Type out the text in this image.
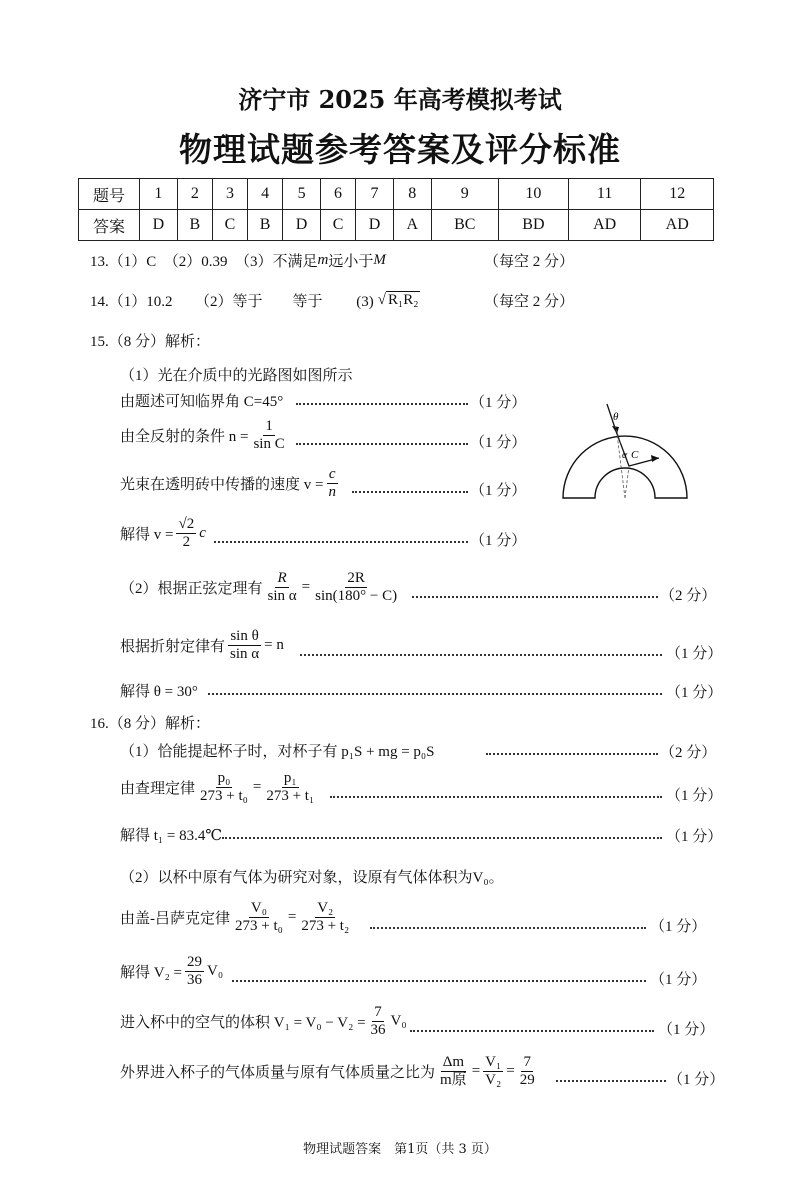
济宁市 2025 年高考模拟考试
物理试题参考答案及评分标准
题号	1	2	3	4	5	6	7	8	9	10	11	12
答案	D	B	C	B	D	C	D	A	BC	BD	AD	AD
13.（1）C　（2）0.39　（3）不满足 m 远小于 M	（每空 2 分）
14.（1）10.2　　（2）等于　　等于　　 (3) √ R₁R₂	（每空 2 分）
15.（8 分）解析：
（1）光在介质中的光路图如图所示
由题述可知临界角 C=45°	（1 分）
由全反射的条件 $n = \frac{1}{\text{sin C}}$	（1 分）
光束在透明砖中传播的速度 $v = \frac{c}{n}$	（1 分）
解得 $v = \frac{√2}{2}$ c
（1 分）
θ
α C
（2）根据正弦定理有 $\frac{R}{\text{sin α}} = \frac{2R}{\sin(180^\circ - C)}$	（2 分）
根据折射定律有 $\frac{\text{sin θ}}{\text{sin α}} = n$
（1 分）
解得 θ = 30°	（1 分）
16.（8 分）解析：
（1）恰能提起杯子时，对杯子有 p₁S + mg = p₀S	（2 分）
由查理定律 $\frac{\text{p₀}}{\text{273 + t₀}} = \frac{\text{p₁}}{\text{273 + t₁}}$	（1 分）
解得 t₁ = 83.4℃	（1 分）
（2）以杯中原有气体为研究对象，设原有气体体积为V₀。
由盖-吕萨克定律 $\frac{\text{V₀}}{\text{273 + t₀}} = \frac{\text{V₂}}{\text{273 + t₂}}$	（1 分）
解得 $V_2 = \frac{29}{36} V_0$
（1 分）
进入杯中的空气的体积 $V_1 = V_0 - V_2 = \frac{7}{36} V_0$
（1 分）
外界进入杯子的气体质量与原有气体质量之比为 $\frac{\Delta m}{\text{m原}} = \frac{\text{V₁}}{\text{V₂}} = \frac{7}{29}$	（1 分）
物理试题答案　第1页（共 3 页）
